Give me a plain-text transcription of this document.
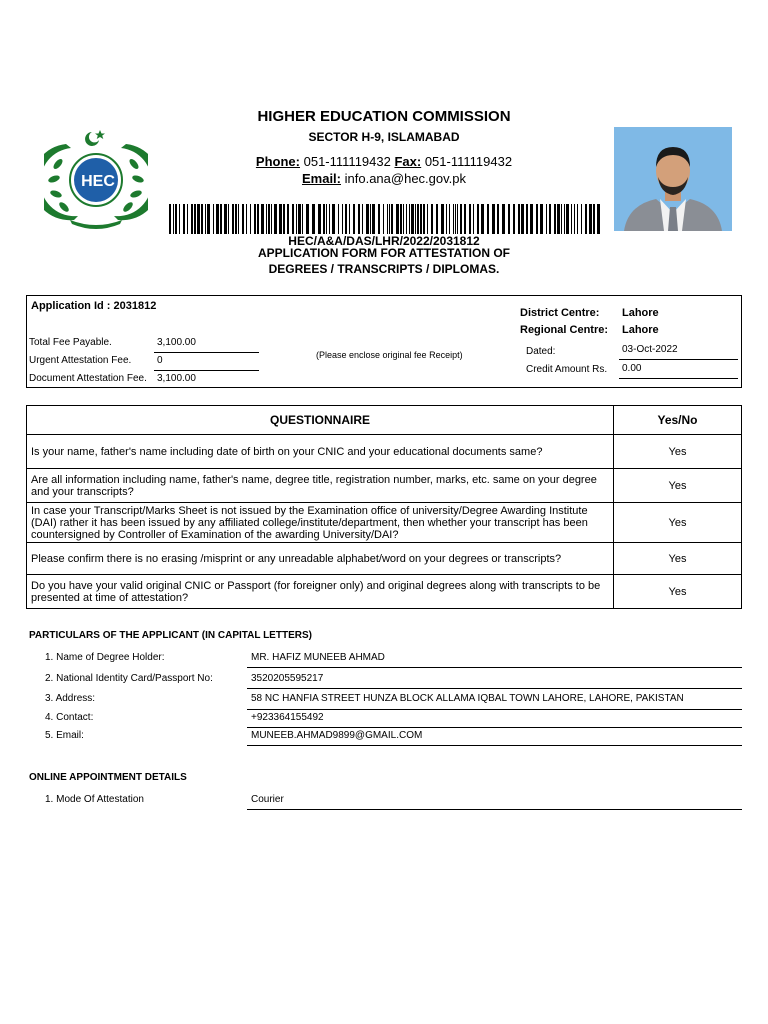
HEC
HIGHER EDUCATION COMMISSION
SECTOR H-9, ISLAMABAD
Phone: 051-111119432 Fax: 051-111119432
Email: info.ana@hec.gov.pk
HEC/A&A/DAS/LHR/2022/2031812
APPLICATION FORM FOR ATTESTATION OF
DEGREES / TRANSCRIPTS / DIPLOMAS.
Application Id : 2031812
Total Fee Payable.	3,100.00
Urgent Attestation Fee.	0
Document Attestation Fee. 3,100.00
(Please enclose original fee Receipt)
District Centre: Lahore
Regional Centre: Lahore
Dated:	03-Oct-2022
Credit Amount Rs.	0.00
QUESTIONNAIRE	Yes/No
Is your name, father's name including date of birth on your CNIC and your educational documents same?	Yes
Are all information including name, father's name, degree title, registration number, marks, etc. same on your degree and your transcripts?	Yes
In case your Transcript/Marks Sheet is not issued by the Examination office of university/Degree Awarding Institute (DAI) rather it has been issued by any affiliated college/institute/department, then whether your transcript has been countersigned by Controller of Examination of the awarding University/DAI?	Yes
Please confirm there is no erasing /misprint or any unreadable alphabet/word on your degrees or transcripts?	Yes
Do you have your valid original CNIC or Passport (for foreigner only) and original degrees along with transcripts to be presented at time of attestation?	Yes
PARTICULARS OF THE APPLICANT (IN CAPITAL LETTERS)
1. Name of Degree Holder:	MR. HAFIZ MUNEEB AHMAD
2. National Identity Card/Passport No:	3520205595217
3. Address:	58 NC HANFIA STREET HUNZA BLOCK ALLAMA IQBAL TOWN LAHORE, LAHORE, PAKISTAN
4. Contact:	+923364155492
5. Email:	MUNEEB.AHMAD9899@GMAIL.COM
ONLINE APPOINTMENT DETAILS
1. Mode Of Attestation	Courier
